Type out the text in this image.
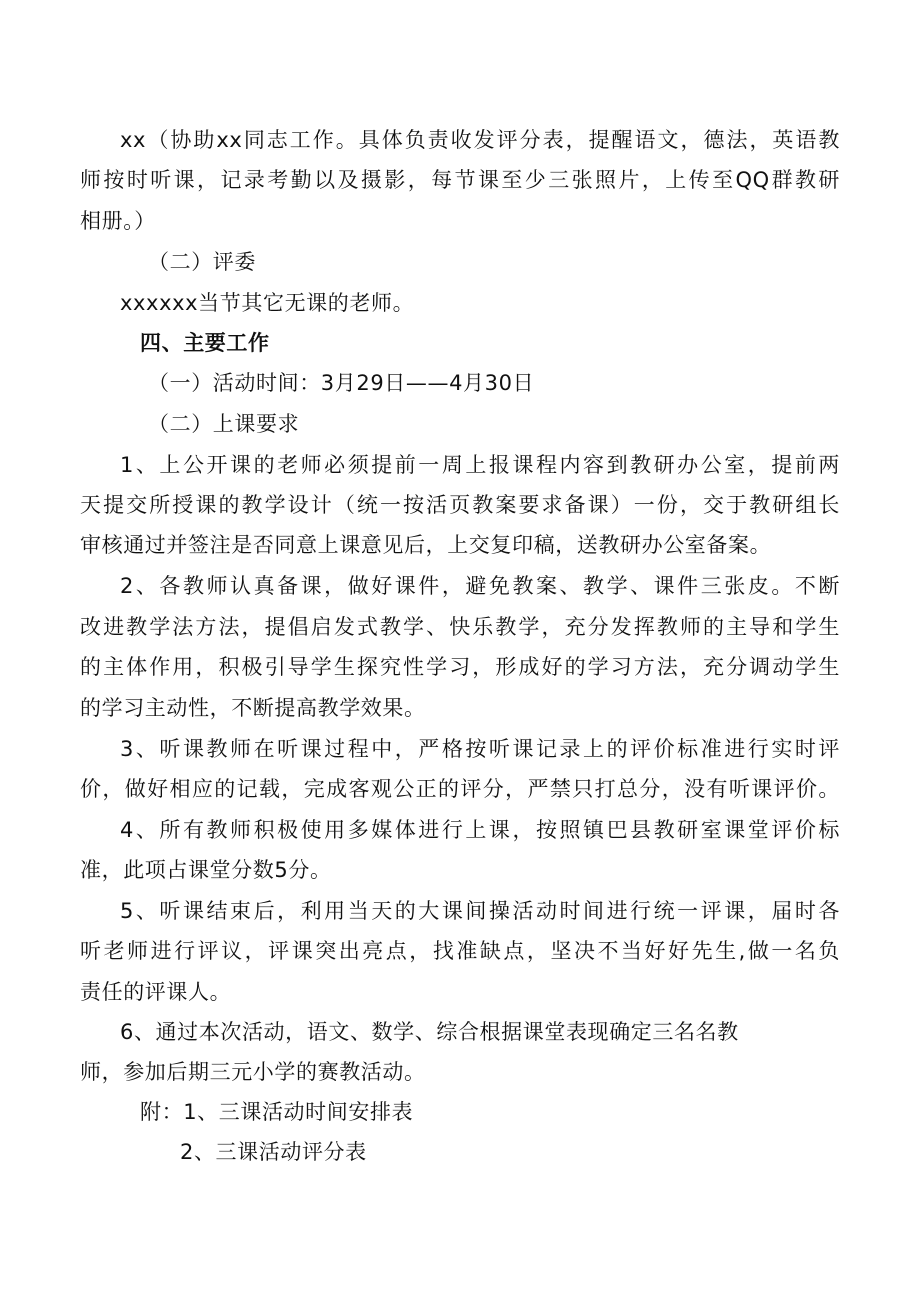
xx（协助xx同志工作。具体负责收发评分表，提醒语文，德法，英语教
师按时听课，记录考勤以及摄影，每节课至少三张照片，上传至QQ群教研
相册。）
（二）评委
xxxxxx当节其它无课的老师。
四、主要工作
（一）活动时间：3月29日——4月30日
（二）上课要求
1、上公开课的老师必须提前一周上报课程内容到教研办公室，提前两
天提交所授课的教学设计（统一按活页教案要求备课）一份，交于教研组长
审核通过并签注是否同意上课意见后，上交复印稿，送教研办公室备案。
2、各教师认真备课，做好课件，避免教案、教学、课件三张皮。不断
改进教学法方法，提倡启发式教学、快乐教学，充分发挥教师的主导和学生
的主体作用，积极引导学生探究性学习，形成好的学习方法，充分调动学生
的学习主动性，不断提高教学效果。
3、听课教师在听课过程中，严格按听课记录上的评价标准进行实时评
价，做好相应的记载，完成客观公正的评分，严禁只打总分，没有听课评价。
4、所有教师积极使用多媒体进行上课，按照镇巴县教研室课堂评价标
准，此项占课堂分数5分。
5、听课结束后，利用当天的大课间操活动时间进行统一评课，届时各
听老师进行评议，评课突出亮点，找准缺点，坚决不当好好先生,做一名负
责任的评课人。
6、通过本次活动，语文、数学、综合根据课堂表现确定三名名教
师，参加后期三元小学的赛教活动。
附：1、三课活动时间安排表
2、三课活动评分表
